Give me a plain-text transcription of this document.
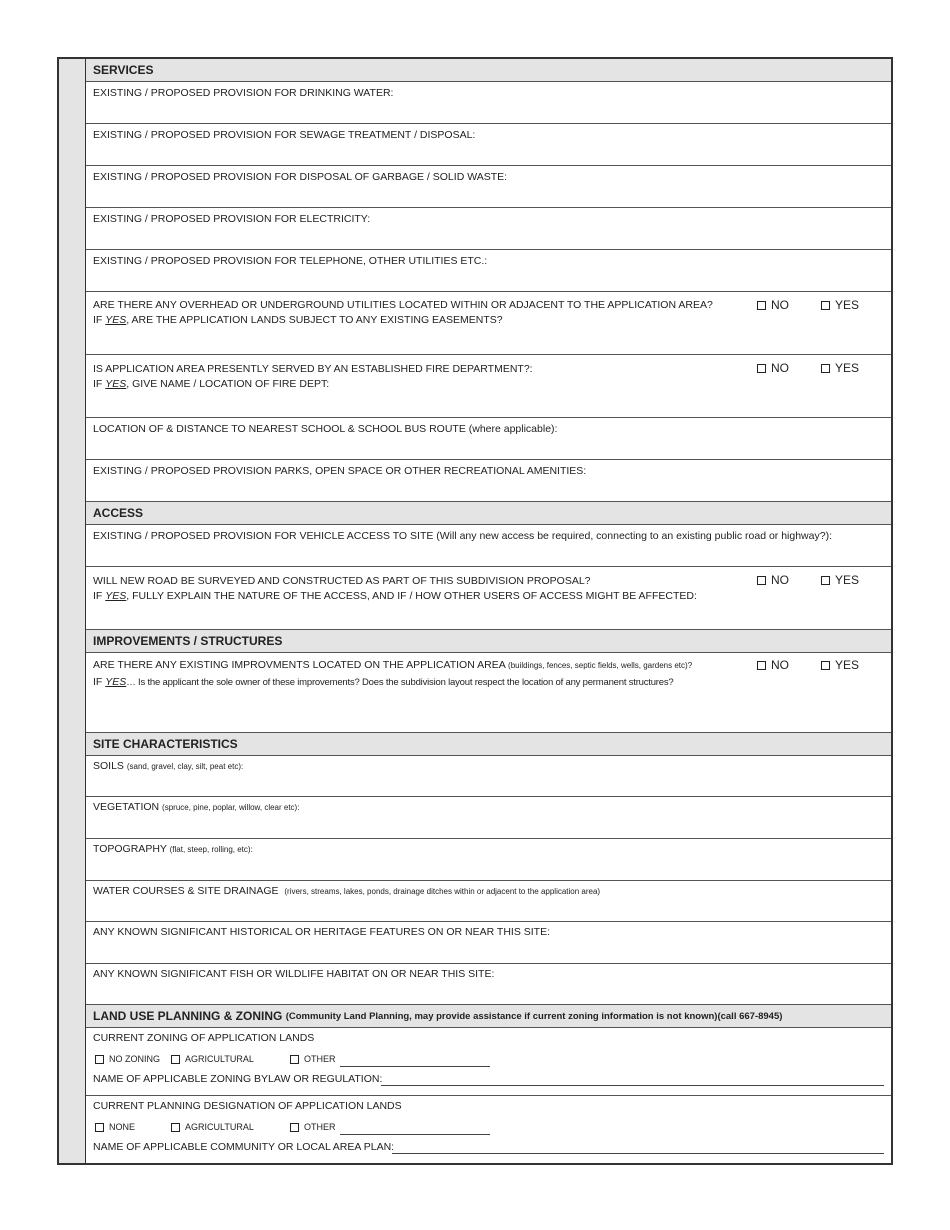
SERVICES
EXISTING / PROPOSED PROVISION FOR DRINKING WATER:
EXISTING / PROPOSED PROVISION FOR SEWAGE TREATMENT / DISPOSAL:
EXISTING / PROPOSED PROVISION FOR DISPOSAL OF GARBAGE / SOLID WASTE:
EXISTING / PROPOSED PROVISION FOR ELECTRICITY:
EXISTING / PROPOSED PROVISION FOR TELEPHONE, OTHER UTILITIES ETC.:
ARE THERE ANY OVERHEAD OR UNDERGROUND UTILITIES LOCATED WITHIN OR ADJACENT TO THE APPLICATION AREA?
IF YES, ARE THE APPLICATION LANDS SUBJECT TO ANY EXISTING EASEMENTS?
NO	YES
IS APPLICATION AREA PRESENTLY SERVED BY AN ESTABLISHED FIRE DEPARTMENT?:
IF YES, GIVE NAME / LOCATION OF FIRE DEPT:
NO	YES
LOCATION OF & DISTANCE TO NEAREST SCHOOL & SCHOOL BUS ROUTE (where applicable):
EXISTING / PROPOSED PROVISION PARKS, OPEN SPACE OR OTHER RECREATIONAL AMENITIES:
ACCESS
EXISTING / PROPOSED PROVISION FOR VEHICLE ACCESS TO SITE (Will any new access be required, connecting to an existing public road or highway?):
WILL NEW ROAD BE SURVEYED AND CONSTRUCTED AS PART OF THIS SUBDIVISION PROPOSAL?
IF YES, FULLY EXPLAIN THE NATURE OF THE ACCESS, AND IF / HOW OTHER USERS OF ACCESS MIGHT BE AFFECTED:
NO	YES
IMPROVEMENTS / STRUCTURES
ARE THERE ANY EXISTING IMPROVMENTS LOCATED ON THE APPLICATION AREA (buildings, fences, septic fields, wells, gardens etc)?
IF YES… Is the applicant the sole owner of these improvements? Does the subdivision layout respect the location of any permanent structures?
NO	YES
SITE CHARACTERISTICS
SOILS (sand, gravel, clay, silt, peat etc):
VEGETATION (spruce, pine, poplar, willow, clear etc):
TOPOGRAPHY (flat, steep, rolling, etc):
WATER COURSES & SITE DRAINAGE (rivers, streams, lakes, ponds, drainage ditches within or adjacent to the application area)
ANY KNOWN SIGNIFICANT HISTORICAL OR HERITAGE FEATURES ON OR NEAR THIS SITE:
ANY KNOWN SIGNIFICANT FISH OR WILDLIFE HABITAT ON OR NEAR THIS SITE:
LAND USE PLANNING & ZONING
(Community Land Planning, may provide assistance if current zoning information is not known)(call 667-8945)
CURRENT ZONING OF APPLICATION LANDS
NO ZONING	AGRICULTURAL	OTHER
NAME OF APPLICABLE ZONING BYLAW OR REGULATION:
CURRENT PLANNING DESIGNATION OF APPLICATION LANDS
NONE	AGRICULTURAL	OTHER
NAME OF APPLICABLE COMMUNITY OR LOCAL AREA PLAN:
